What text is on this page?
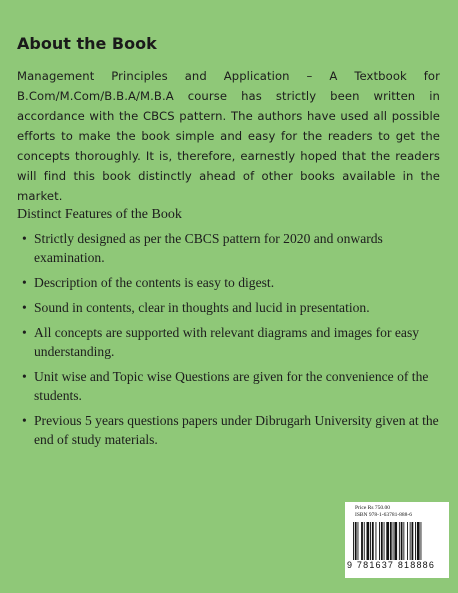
About the Book

Management Principles and Application – A Textbook for B.Com/M.Com/B.B.A/M.B.A course has strictly been written in accordance with the CBCS pattern. The authors have used all possible efforts to make the book simple and easy for the readers to get the concepts thoroughly. It is, therefore, earnestly hoped that the readers will find this book distinctly ahead of other books available in the market.

Distinct Features of the Book

• Strictly designed as per the CBCS pattern for 2020 and onwards examination.
• Description of the contents is easy to digest.
• Sound in contents, clear in thoughts and lucid in presentation.
• All concepts are supported with relevant diagrams and images for easy understanding.
• Unit wise and Topic wise Questions are given for the convenience of the students.
• Previous 5 years questions papers under Dibrugarh University given at the end of study materials.
Price Rs 750.00
ISBN 978-1-63781-888-6
9 781637 818886
